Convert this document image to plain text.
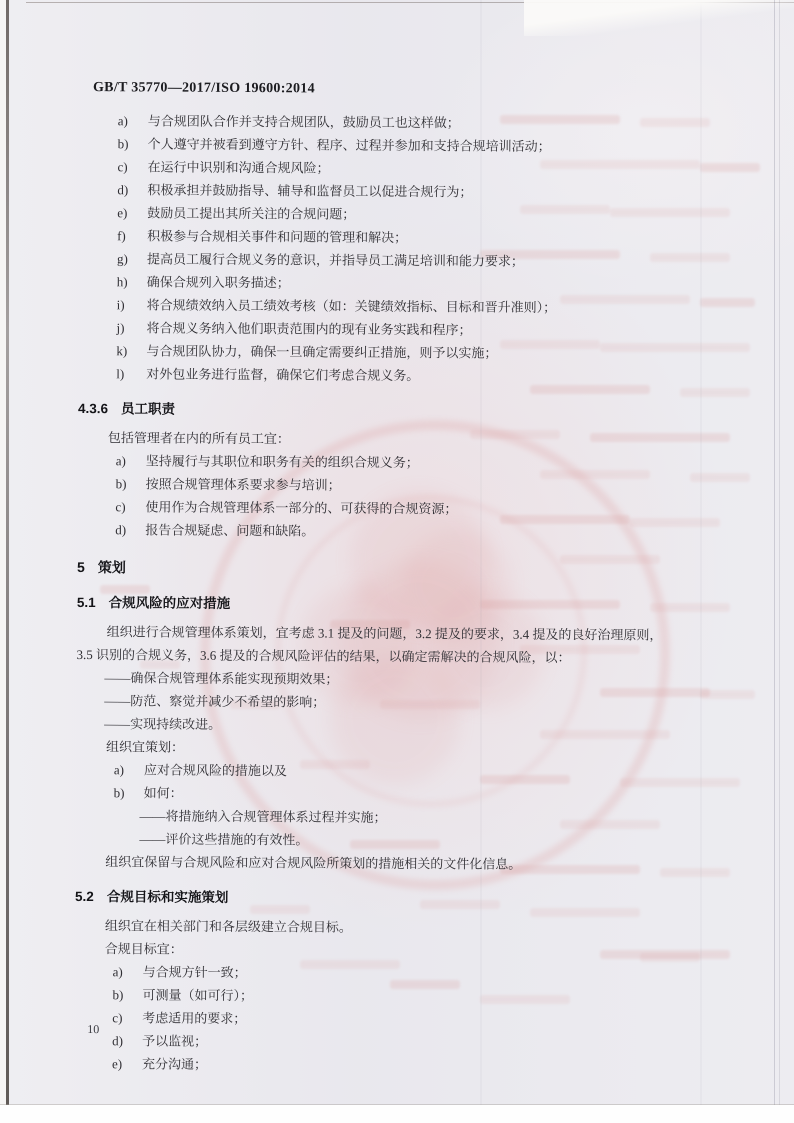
GB/T 35770—2017/ISO 19600:2014
a) 与合规团队合作并支持合规团队，鼓励员工也这样做；
b) 个人遵守并被看到遵守方针、程序、过程并参加和支持合规培训活动；
c) 在运行中识别和沟通合规风险；
d) 积极承担并鼓励指导、辅导和监督员工以促进合规行为；
e) 鼓励员工提出其所关注的合规问题；
f) 积极参与合规相关事件和问题的管理和解决；
g) 提高员工履行合规义务的意识，并指导员工满足培训和能力要求；
h) 确保合规列入职务描述；
i) 将合规绩效纳入员工绩效考核（如：关键绩效指标、目标和晋升准则）；
j) 将合规义务纳入他们职责范围内的现有业务实践和程序；
k) 与合规团队协力，确保一旦确定需要纠正措施，则予以实施；
l) 对外包业务进行监督，确保它们考虑合规义务。
4.3.6 员工职责
包括管理者在内的所有员工宜：
a) 坚持履行与其职位和职务有关的组织合规义务；
b) 按照合规管理体系要求参与培训；
c) 使用作为合规管理体系一部分的、可获得的合规资源；
d) 报告合规疑虑、问题和缺陷。
5 策划
5.1 合规风险的应对措施
组织进行合规管理体系策划，宜考虑 3.1 提及的问题，3.2 提及的要求，3.4 提及的良好治理原则，
3.5 识别的合规义务，3.6 提及的合规风险评估的结果，以确定需解决的合规风险，以：
——确保合规管理体系能实现预期效果；
——防范、察觉并减少不希望的影响；
——实现持续改进。
组织宜策划：
a) 应对合规风险的措施以及
b) 如何：
——将措施纳入合规管理体系过程并实施；
——评价这些措施的有效性。
组织宜保留与合规风险和应对合规风险所策划的措施相关的文件化信息。
5.2 合规目标和实施策划
组织宜在相关部门和各层级建立合规目标。
合规目标宜：
a) 与合规方针一致；
b) 可测量（如可行）；
c) 考虑适用的要求；
d) 予以监视；
e) 充分沟通；
10
